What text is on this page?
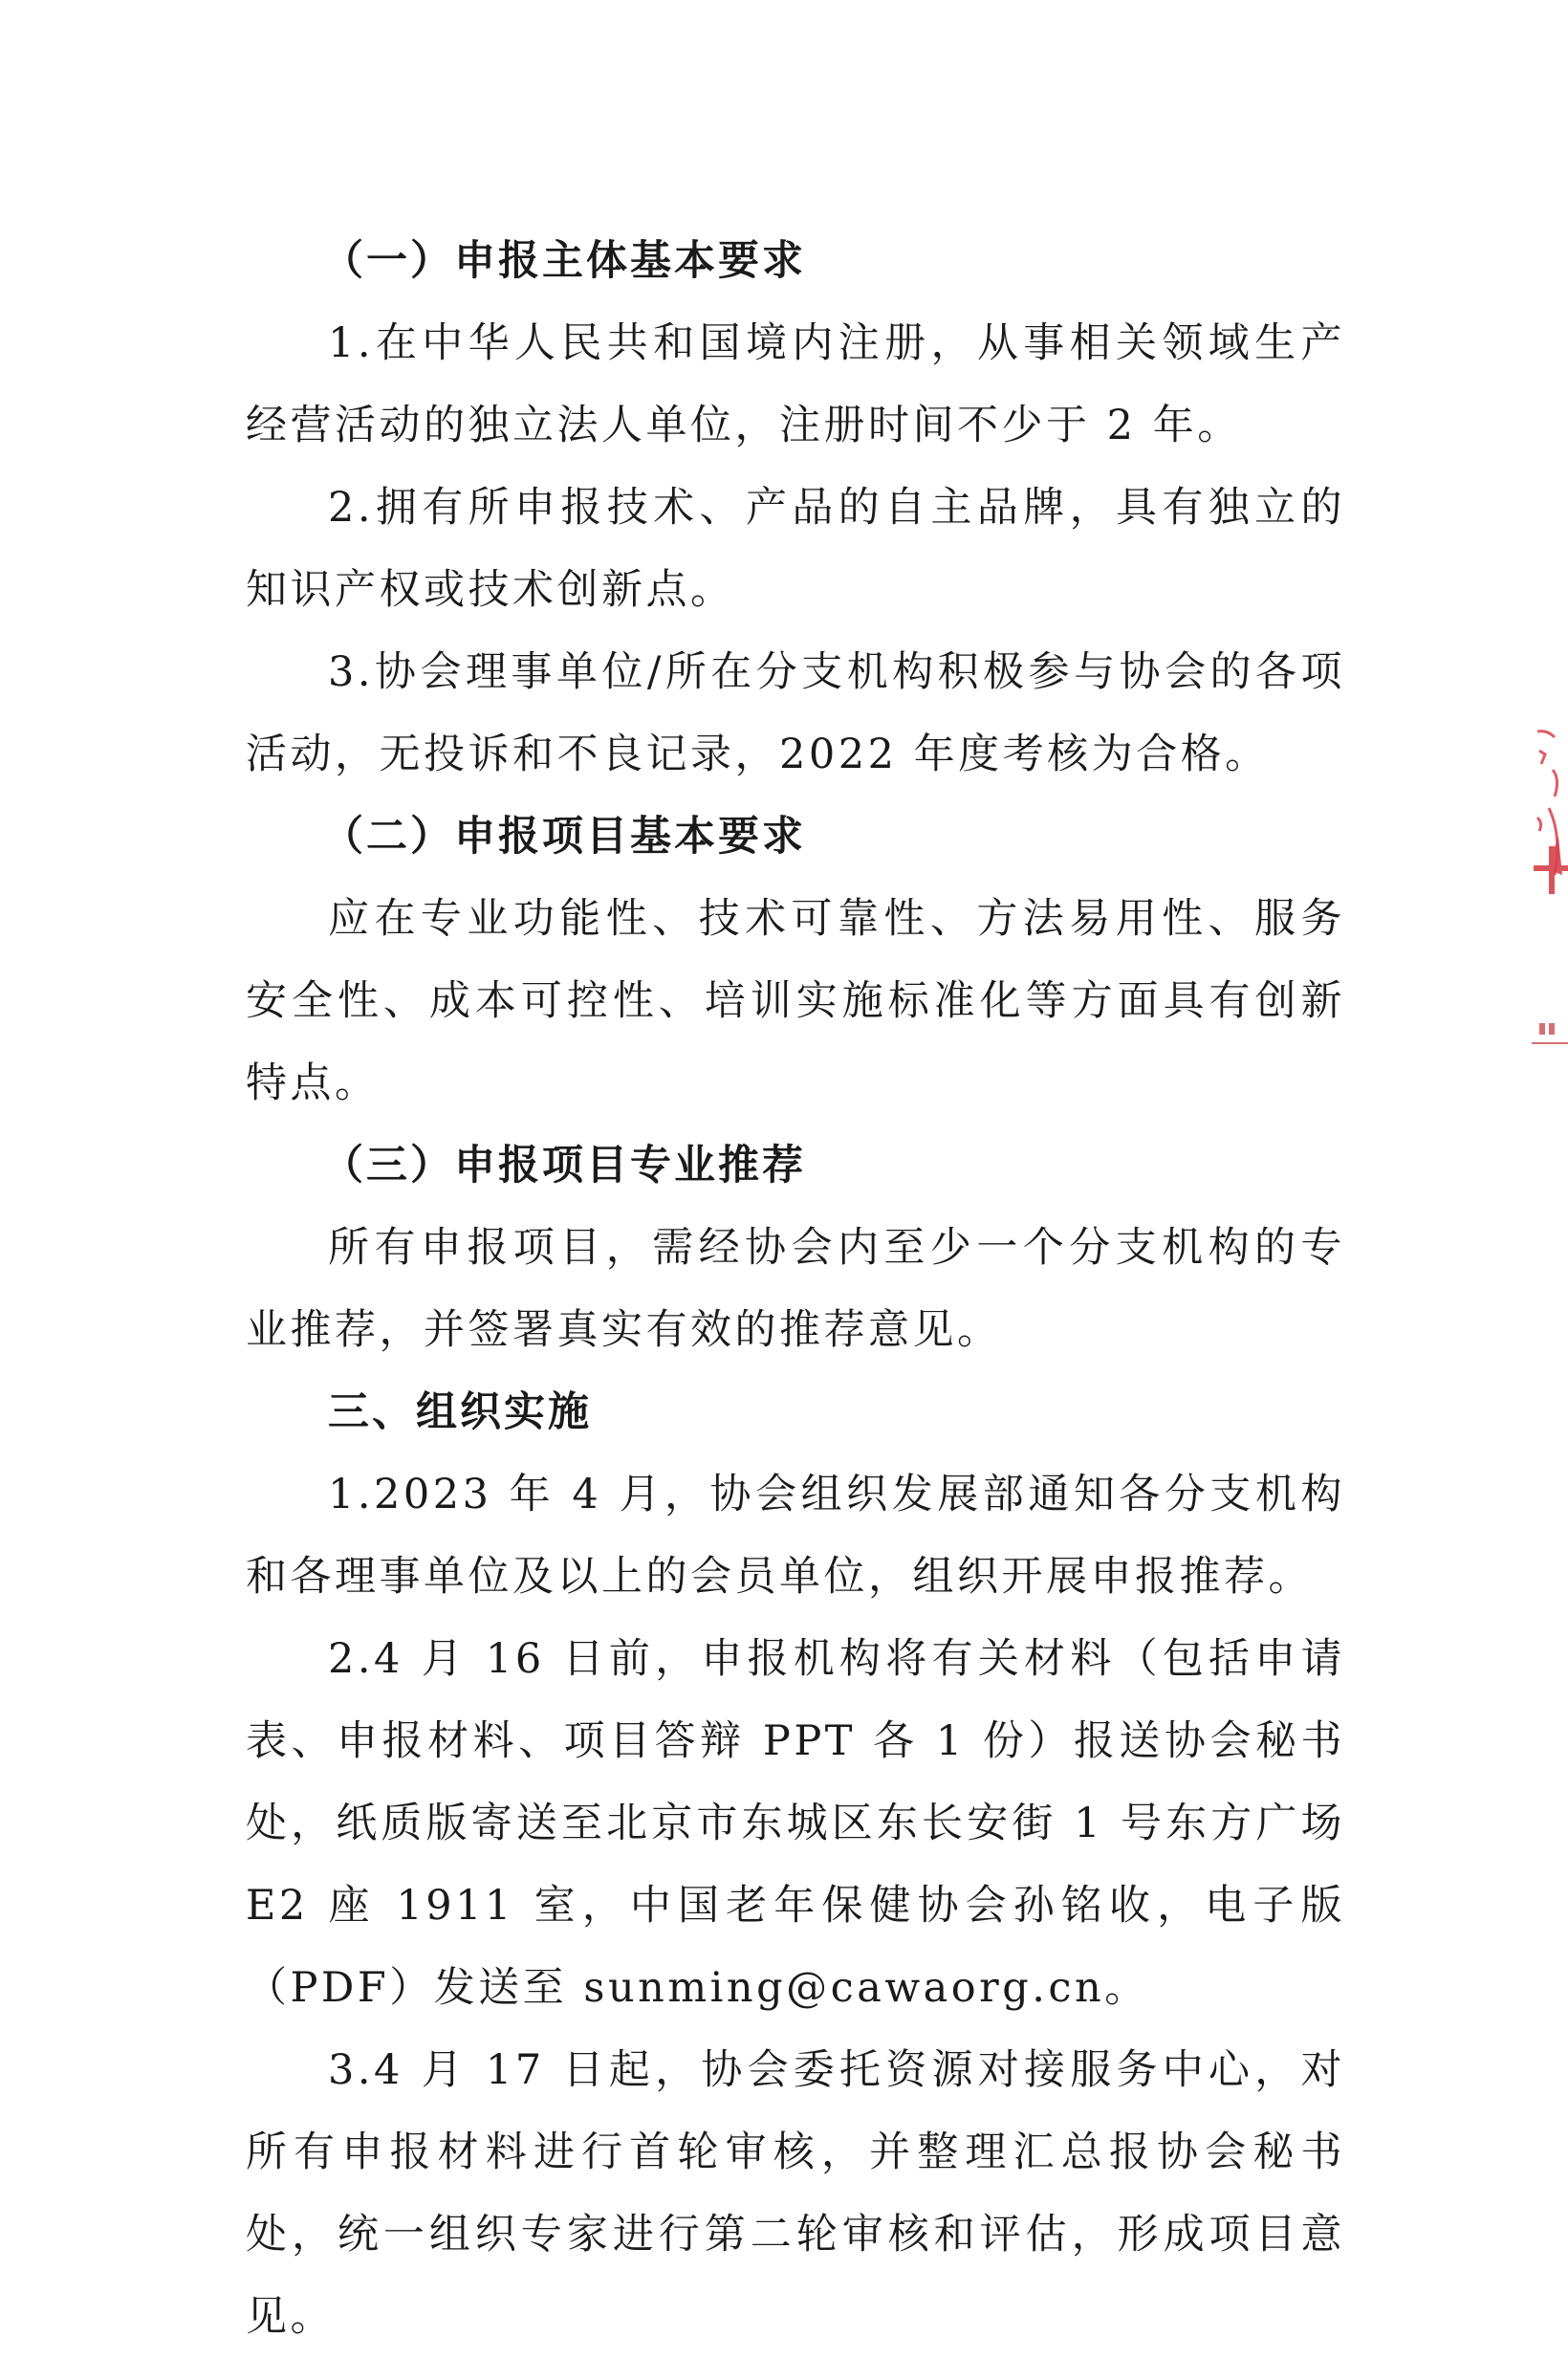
（一）申报主体基本要求

1.在中华人民共和国境内注册，从事相关领域生产经营活动的独立法人单位，注册时间不少于 2 年。

2.拥有所申报技术、产品的自主品牌，具有独立的知识产权或技术创新点。

3.协会理事单位/所在分支机构积极参与协会的各项活动，无投诉和不良记录，2022 年度考核为合格。

（二）申报项目基本要求

应在专业功能性、技术可靠性、方法易用性、服务安全性、成本可控性、培训实施标准化等方面具有创新特点。

（三）申报项目专业推荐

所有申报项目，需经协会内至少一个分支机构的专业推荐，并签署真实有效的推荐意见。

三、组织实施

1.2023 年 4 月，协会组织发展部通知各分支机构和各理事单位及以上的会员单位，组织开展申报推荐。

2.4 月 16 日前，申报机构将有关材料（包括申请表、申报材料、项目答辩 PPT 各 1 份）报送协会秘书处，纸质版寄送至北京市东城区东长安街 1 号东方广场 E2 座 1911 室，中国老年保健协会孙铭收，电子版（PDF）发送至 sunming@cawaorg.cn。

3.4 月 17 日起，协会委托资源对接服务中心，对所有申报材料进行首轮审核，并整理汇总报协会秘书处，统一组织专家进行第二轮审核和评估，形成项目意见。
